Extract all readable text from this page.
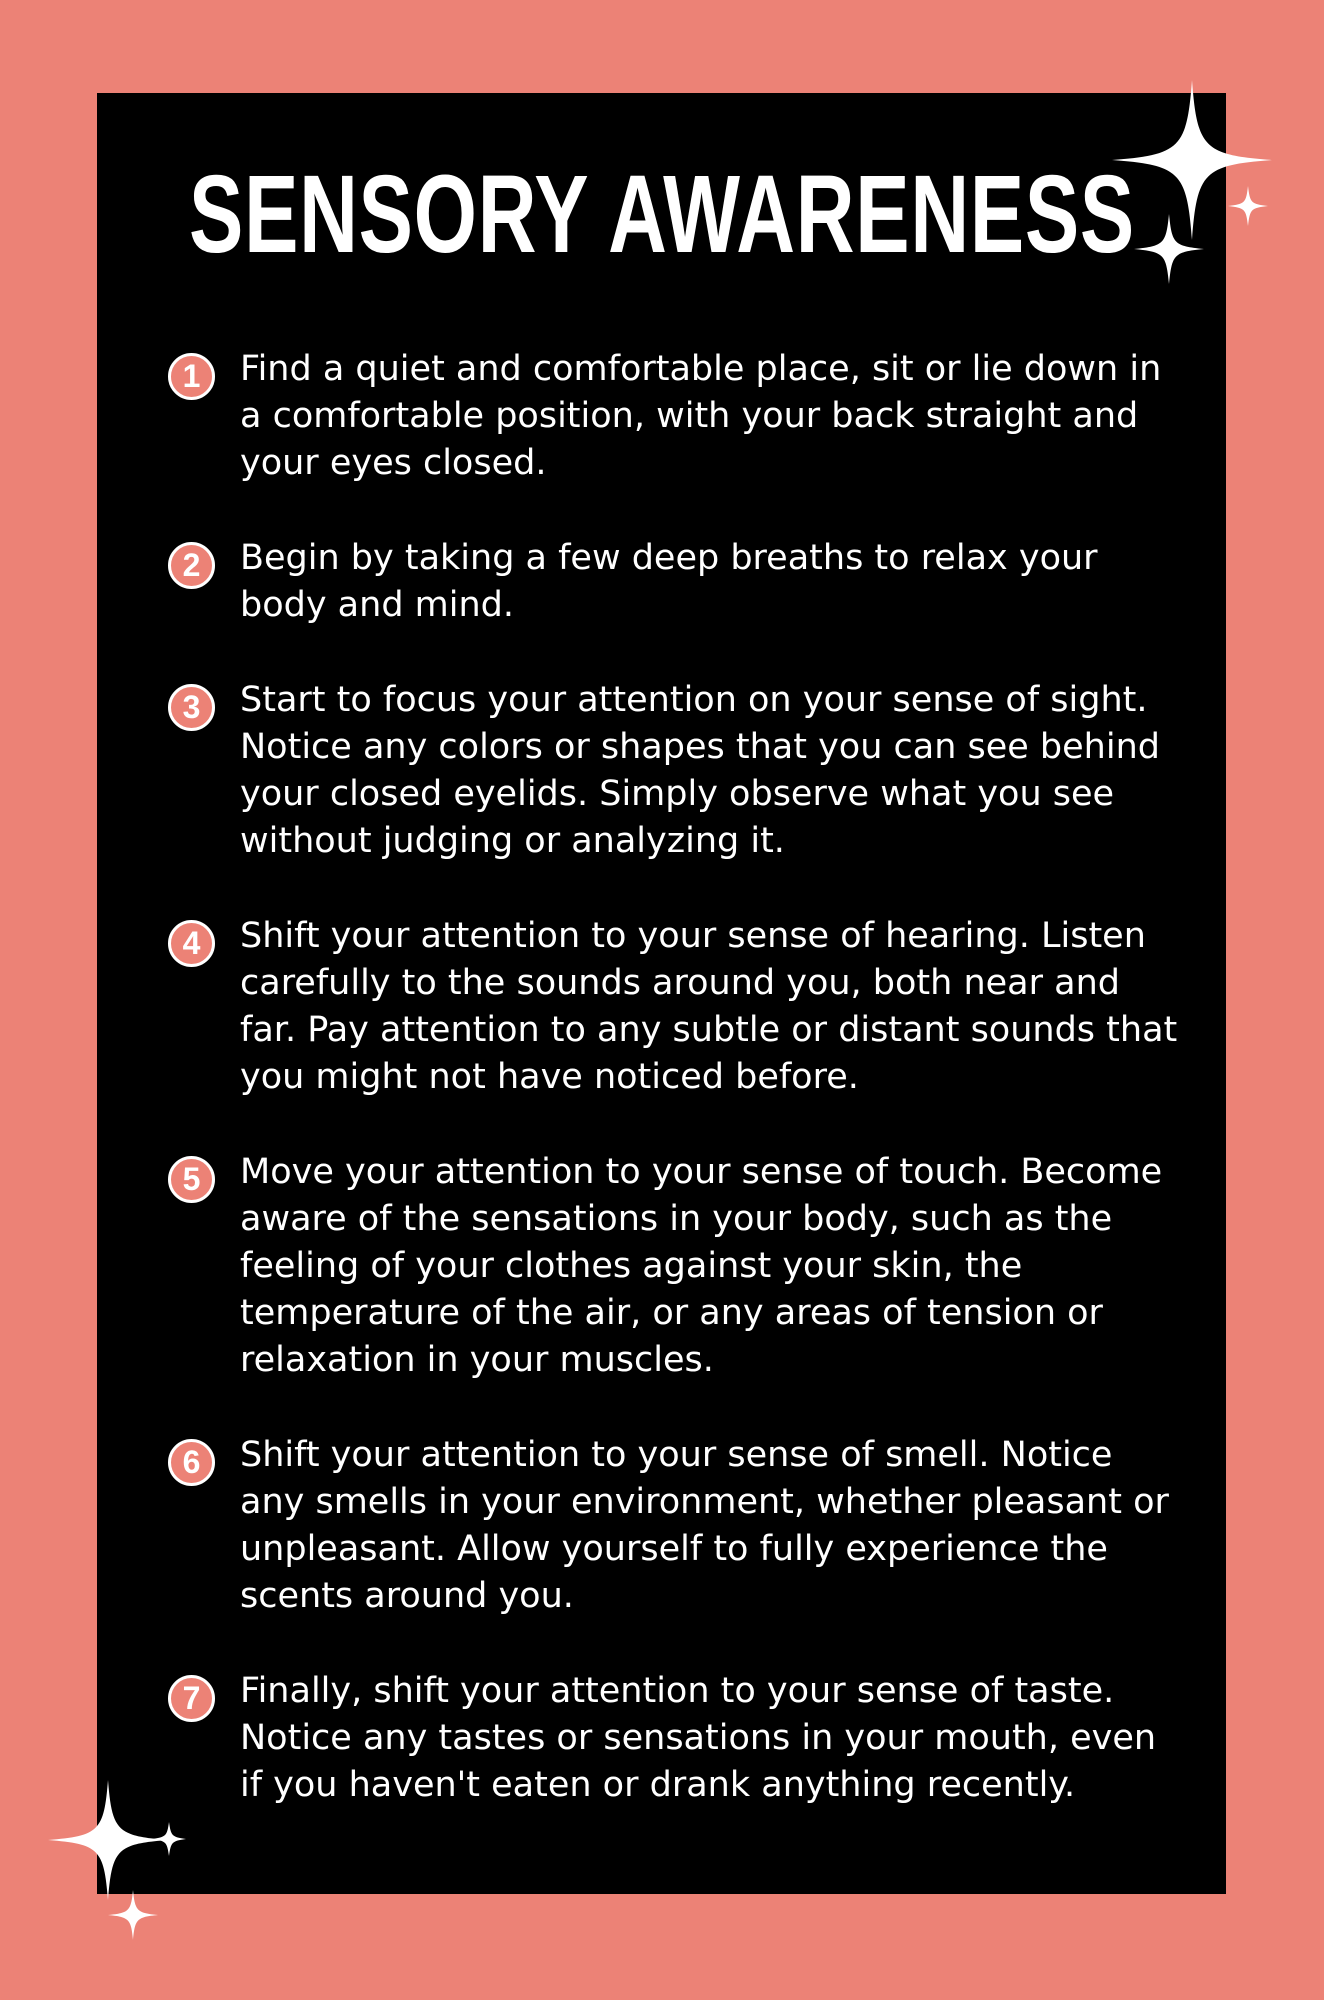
SENSORY AWARENESS
1	Find a quiet and comfortable place, sit or lie down in a comfortable position, with your back straight and your eyes closed.

2	Begin by taking a few deep breaths to relax your body and mind.

3	Start to focus your attention on your sense of sight. Notice any colors or shapes that you can see behind your closed eyelids. Simply observe what you see without judging or analyzing it.

4	Shift your attention to your sense of hearing. Listen carefully to the sounds around you, both near and far. Pay attention to any subtle or distant sounds that you might not have noticed before.

5	Move your attention to your sense of touch. Become aware of the sensations in your body, such as the feeling of your clothes against your skin, the temperature of the air, or any areas of tension or relaxation in your muscles.

6	Shift your attention to your sense of smell. Notice any smells in your environment, whether pleasant or unpleasant. Allow yourself to fully experience the scents around you.

7	Finally, shift your attention to your sense of taste. Notice any tastes or sensations in your mouth, even if you haven't eaten or drank anything recently.
